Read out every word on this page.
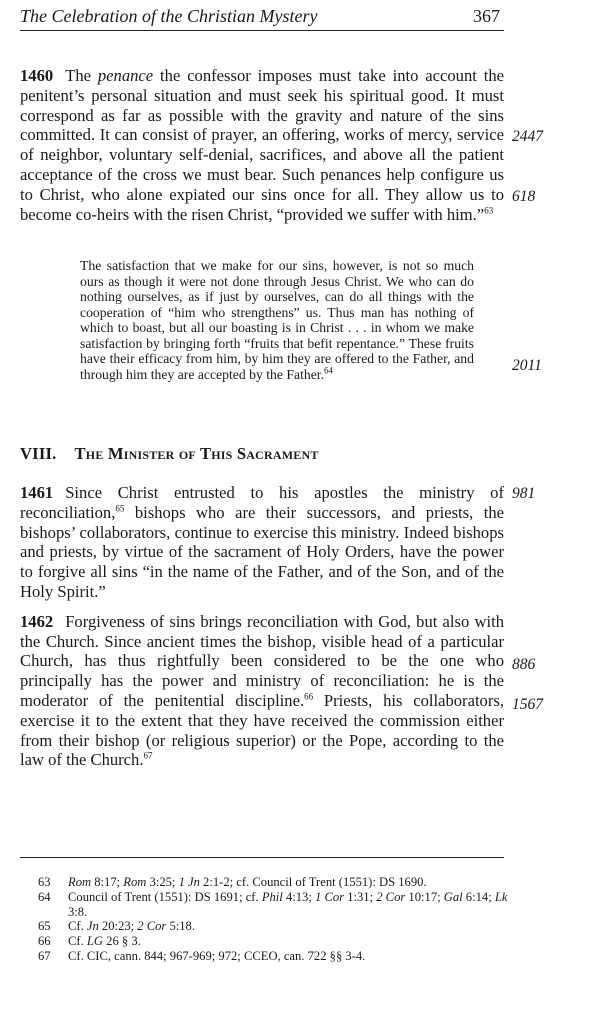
The Celebration of the Christian Mystery	367

1460 The penance the confessor imposes must take into account the penitent’s personal situation and must seek his spiritual good. It must correspond as far as possible with the gravity and nature of the sins committed. It can consist of prayer, an offering, works of mercy, service of neighbor, voluntary self-denial, sacrifices, and above all the patient acceptance of the cross we must bear. Such penances help configure us to Christ, who alone expiated our sins once for all. They allow us to become co-heirs with the risen Christ, “provided we suffer with him.”$^{63}$

The satisfaction that we make for our sins, however, is not so much ours as though it were not done through Jesus Christ. We who can do nothing ourselves, as if just by ourselves, can do all things with the cooperation of “him who strengthens” us. Thus man has nothing of which to boast, but all our boasting is in Christ . . . in whom we make satisfaction by bringing forth “fruits that befit repentance.” These fruits have their efficacy from him, by him they are offered to the Father, and through him they are accepted by the Father.$^{64}$
VIII. The Minister of This Sacrament

1461 Since Christ entrusted to his apostles the ministry of reconciliation,$^{65}$ bishops who are their successors, and priests, the bishops’ collaborators, continue to exercise this ministry. Indeed bishops and priests, by virtue of the sacrament of Holy Orders, have the power to forgive all sins “in the name of the Father, and of the Son, and of the Holy Spirit.”

1462 Forgiveness of sins brings reconciliation with God, but also with the Church. Since ancient times the bishop, visible head of a particular Church, has thus rightfully been considered to be the one who principally has the power and ministry of reconciliation: he is the moderator of the penitential discipline.$^{66}$ Priests, his collaborators, exercise it to the extent that they have received the commission either from their bishop (or religious superior) or the Pope, according to the law of the Church.$^{67}$

2447
618
2011
981
886
1567
63	Rom 8:17; Rom 3:25; 1 Jn 2:1-2; cf. Council of Trent (1551): DS 1690.
64	Council of Trent (1551): DS 1691; cf. Phil 4:13; 1 Cor 1:31; 2 Cor 10:17; Gal 6:14; Lk 3:8.
65	Cf. Jn 20:23; 2 Cor 5:18.
66	Cf. LG 26 § 3.
67	Cf. CIC, cann. 844; 967-969; 972; CCEO, can. 722 §§ 3-4.
